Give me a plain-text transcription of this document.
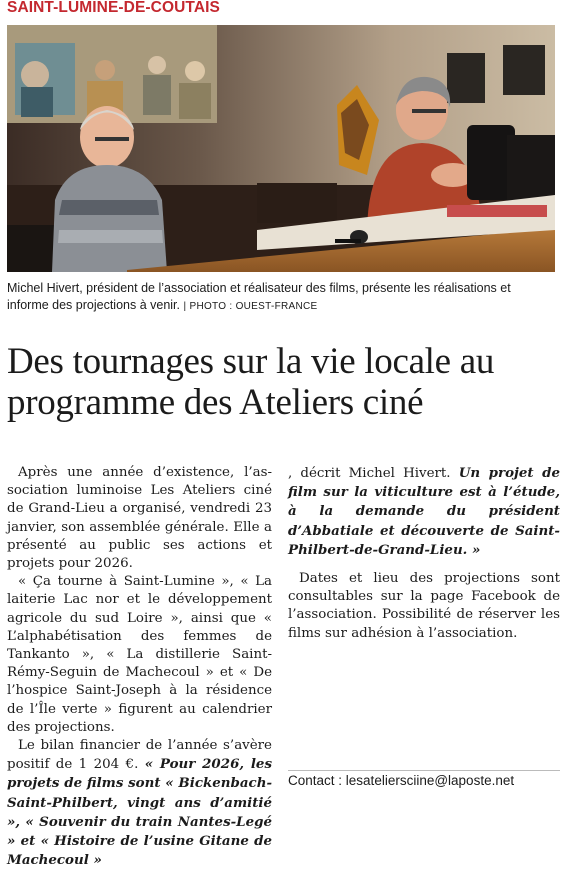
SAINT-LUMINE-DE-COUTAIS
Michel Hivert, président de l’association et réalisateur des films, présente les réalisations et informe des projections à venir. | PHOTO : OUEST-FRANCE
Des tournages sur la vie locale au programme des Ateliers ciné

Après une année d’existence, l’association luminoise Les Ateliers ciné de Grand-Lieu a organisé, vendredi 23 janvier, son assemblée générale. Elle a présenté au public ses actions et projets pour 2026.

« Ça tourne à Saint-Lumine », « La laiterie Lac nor et le développement agricole du sud Loire », ainsi que « L’alphabétisation des femmes de Tankanto », « La distillerie Saint-Rémy-Seguin de Machecoul » et « De l’hospice Saint-Joseph à la résidence de l’Île verte » figurent au calendrier des projections.

Le bilan financier de l’année s’avère positif de 1 204 €. « Pour 2026, les projets de films sont « Bickenbach-Saint-Philbert, vingt ans d’amitié », « Souvenir du train Nantes-Legé » et « Histoire de l’usine Gitane de Machecoul »

, décrit Michel Hivert. Un projet de film sur la viticulture est à l’étude, à la demande du président d’Abbatiale et découverte de Saint-Philbert-de-Grand-Lieu. »

Dates et lieu des projections sont consultables sur la page Facebook de l’association. Possibilité de réserver les films sur adhésion à l’association.

Contact : lesateliersciine@laposte.net
